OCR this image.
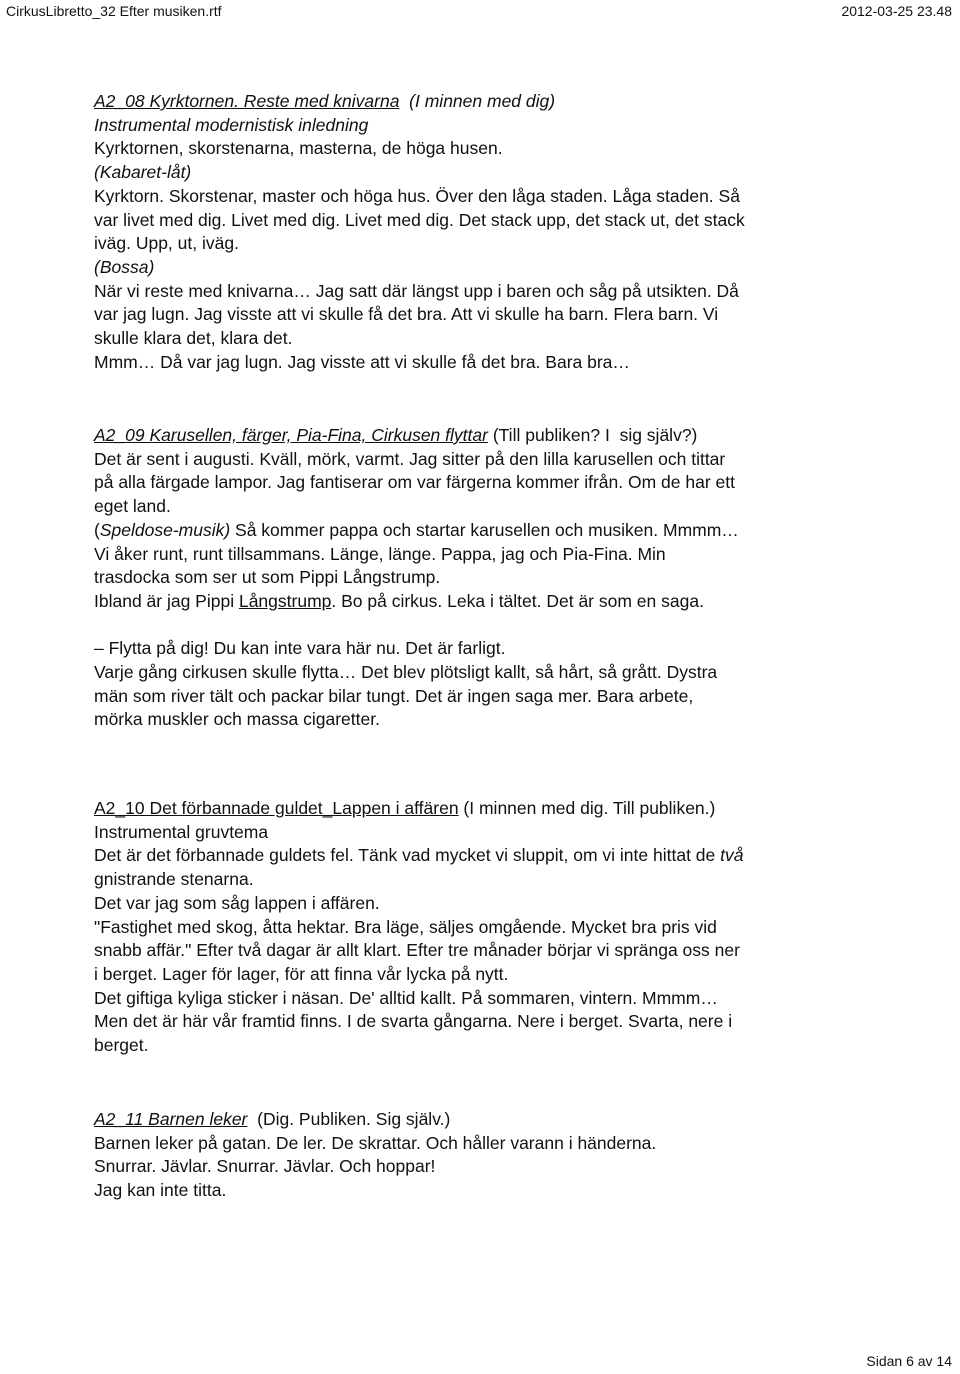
CirkusLibretto_32 Efter musiken.rtf	2012-03-25 23.48
A2_08 Kyrktornen. Reste med knivarna  (I minnen med dig)
Instrumental modernistisk inledning
Kyrktornen, skorstenarna, masterna, de höga husen.
(Kabaret-låt)
Kyrktorn. Skorstenar, master och höga hus. Över den låga staden. Låga staden. Så
var livet med dig. Livet med dig. Livet med dig. Det stack upp, det stack ut, det stack
iväg. Upp, ut, iväg.
(Bossa)
När vi reste med knivarna… Jag satt där längst upp i baren och såg på utsikten. Då
var jag lugn. Jag visste att vi skulle få det bra. Att vi skulle ha barn. Flera barn. Vi
skulle klara det, klara det.
Mmm… Då var jag lugn. Jag visste att vi skulle få det bra. Bara bra…
A2_09 Karusellen, färger, Pia-Fina, Cirkusen flyttar (Till publiken? I  sig själv?)
Det är sent i augusti. Kväll, mörk, varmt. Jag sitter på den lilla karusellen och tittar
på alla färgade lampor. Jag fantiserar om var färgerna kommer ifrån. Om de har ett
eget land.
(Speldose-musik) Så kommer pappa och startar karusellen och musiken. Mmmm…
Vi åker runt, runt tillsammans. Länge, länge. Pappa, jag och Pia-Fina. Min
trasdocka som ser ut som Pippi Långstrump.
Ibland är jag Pippi Långstrump. Bo på cirkus. Leka i tältet. Det är som en saga.
– Flytta på dig! Du kan inte vara här nu. Det är farligt.
Varje gång cirkusen skulle flytta… Det blev plötsligt kallt, så hårt, så grått. Dystra
män som river tält och packar bilar tungt. Det är ingen saga mer. Bara arbete,
mörka muskler och massa cigaretter.
A2_10 Det förbannade guldet_Lappen i affären (I minnen med dig. Till publiken.)
Instrumental gruvtema
Det är det förbannade guldets fel. Tänk vad mycket vi sluppit, om vi inte hittat de två
gnistrande stenarna.
Det var jag som såg lappen i affären.
"Fastighet med skog, åtta hektar. Bra läge, säljes omgående. Mycket bra pris vid
snabb affär." Efter två dagar är allt klart. Efter tre månader börjar vi spränga oss ner
i berget. Lager för lager, för att finna vår lycka på nytt.
Det giftiga kyliga sticker i näsan. De' alltid kallt. På sommaren, vintern. Mmmm…
Men det är här vår framtid finns. I de svarta gångarna. Nere i berget. Svarta, nere i
berget.
A2_11 Barnen leker  (Dig. Publiken. Sig själv.)
Barnen leker på gatan. De ler. De skrattar. Och håller varann i händerna.
Snurrar. Jävlar. Snurrar. Jävlar. Och hoppar!
Jag kan inte titta.
Sidan 6 av 14
